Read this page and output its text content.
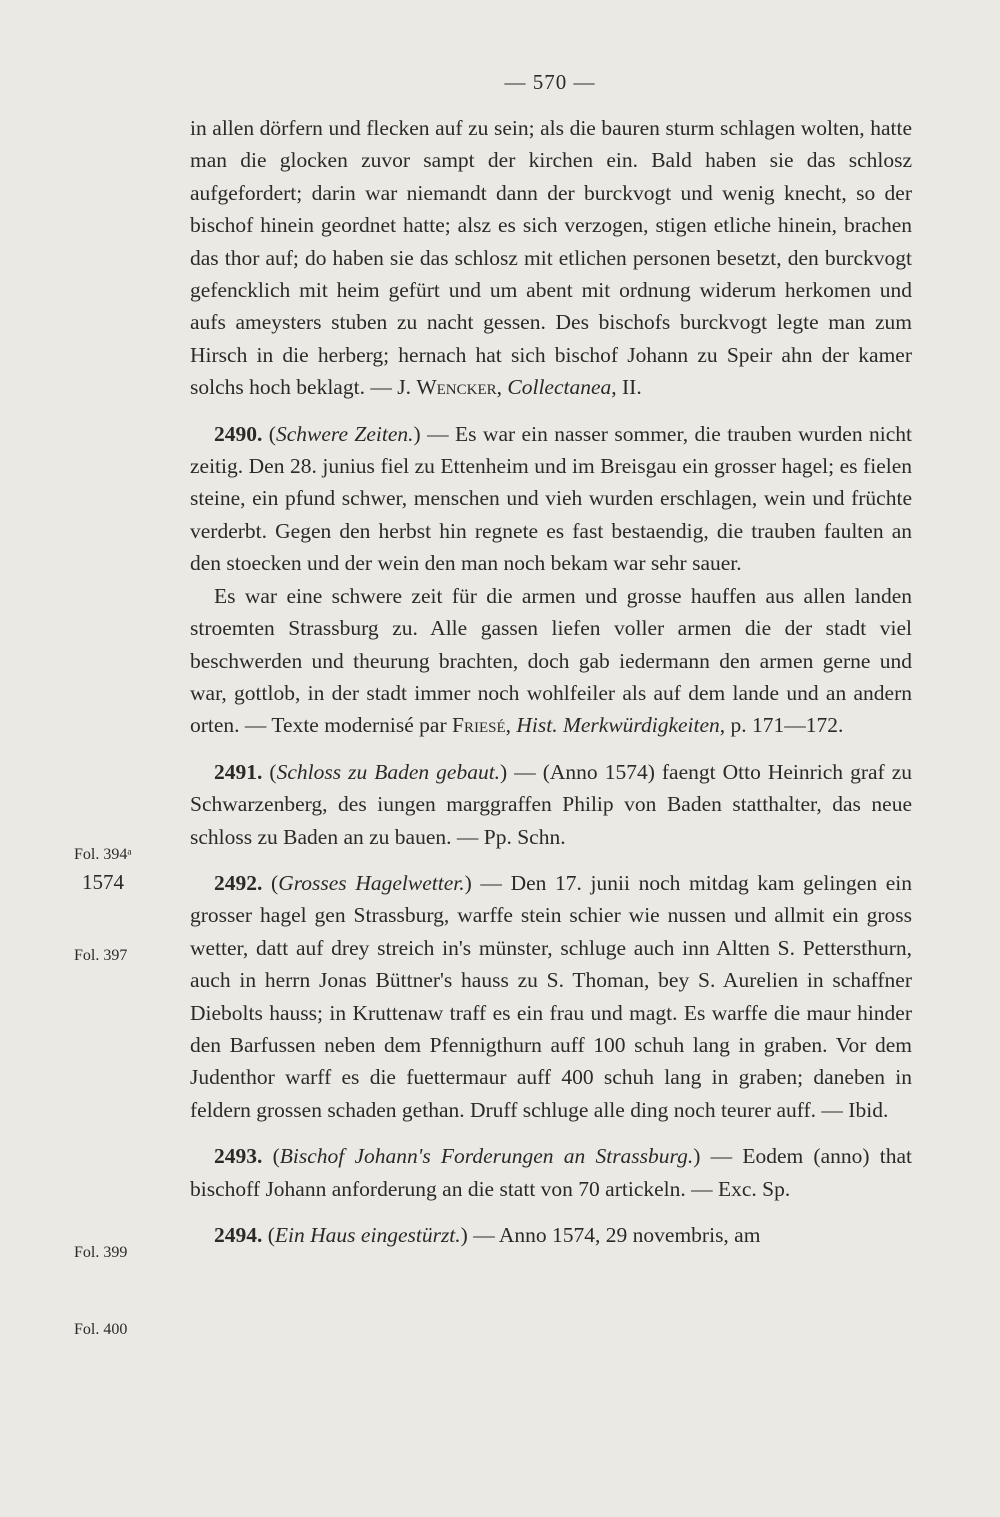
— 570 —
Fol. 394ᵃ
1574
Fol. 397
Fol. 399
Fol. 400

in allen dörfern und flecken auf zu sein; als die bauren sturm schlagen wolten, hatte man die glocken zuvor sampt der kirchen ein. Bald haben sie das schlosz aufgefordert; darin war niemandt dann der burckvogt und wenig knecht, so der bischof hinein geordnet hatte; alsz es sich verzogen, stigen etliche hinein, brachen das thor auf; do haben sie das schlosz mit etlichen personen besetzt, den burckvogt gefencklich mit heim gefürt und um abent mit ordnung widerum herkomen und aufs ameysters stuben zu nacht gessen. Des bischofs burckvogt legte man zum Hirsch in die herberg; hernach hat sich bischof Johann zu Speir ahn der kamer solchs hoch beklagt. — J. Wencker, Collectanea, II.

2490. (Schwere Zeiten.) — Es war ein nasser sommer, die trauben wurden nicht zeitig. Den 28. junius fiel zu Ettenheim und im Breisgau ein grosser hagel; es fielen steine, ein pfund schwer, menschen und vieh wurden erschlagen, wein und früchte verderbt. Gegen den herbst hin regnete es fast bestaendig, die trauben faulten an den stoecken und der wein den man noch bekam war sehr sauer.

Es war eine schwere zeit für die armen und grosse hauffen aus allen landen stroemten Strassburg zu. Alle gassen liefen voller armen die der stadt viel beschwerden und theurung brachten, doch gab iedermann den armen gerne und war, gottlob, in der stadt immer noch wohlfeiler als auf dem lande und an andern orten. — Texte modernisé par Friesé, Hist. Merkwürdigkeiten, p. 171—172.

2491. (Schloss zu Baden gebaut.) — (Anno 1574) faengt Otto Heinrich graf zu Schwarzenberg, des iungen marggraffen Philip von Baden statthalter, das neue schloss zu Baden an zu bauen. — Pp. Schn.

2492. (Grosses Hagelwetter.) — Den 17. junii noch mitdag kam gelingen ein grosser hagel gen Strassburg, warffe stein schier wie nussen und allmit ein gross wetter, datt auf drey streich in's münster, schluge auch inn Altten S. Pettersthurn, auch in herrn Jonas Büttner's hauss zu S. Thoman, bey S. Aurelien in schaffner Diebolts hauss; in Kruttenaw traff es ein frau und magt. Es warffe die maur hinder den Barfussen neben dem Pfennigthurn auff 100 schuh lang in graben. Vor dem Judenthor warff es die fuettermaur auff 400 schuh lang in graben; daneben in feldern grossen schaden gethan. Druff schluge alle ding noch teurer auff. — Ibid.

2493. (Bischof Johann's Forderungen an Strassburg.) — Eodem (anno) that bischoff Johann anforderung an die statt von 70 artickeln. — Exc. Sp.

2494. (Ein Haus eingestürzt.) — Anno 1574, 29 novembris, am
